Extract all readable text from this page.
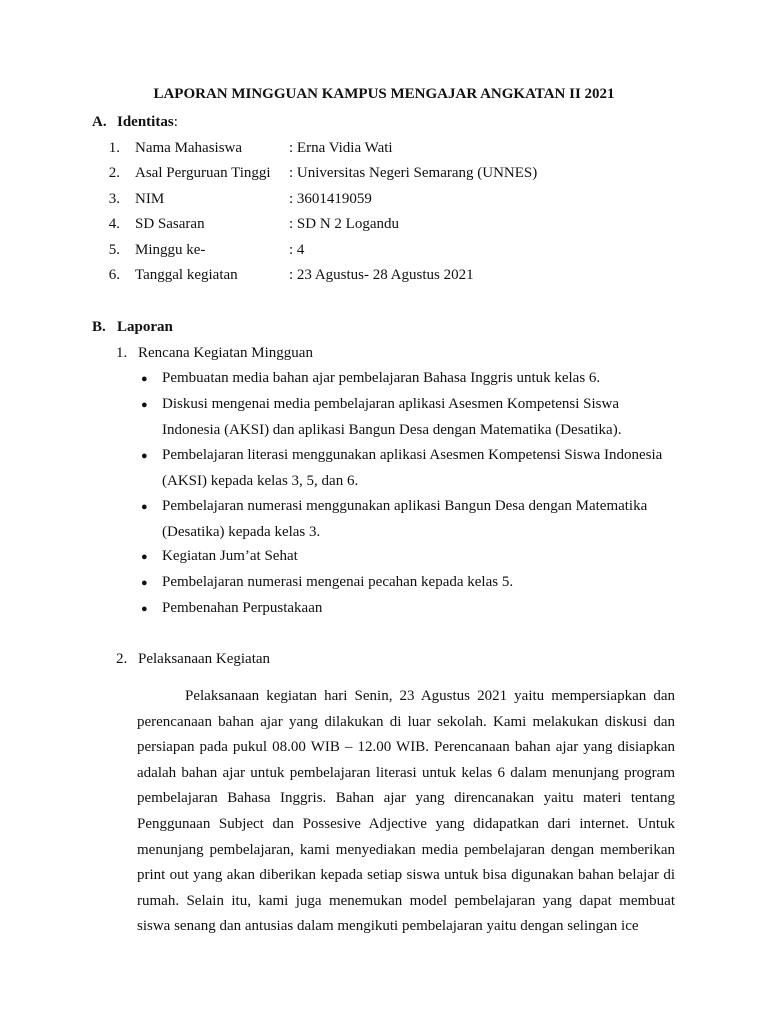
LAPORAN MINGGUAN KAMPUS MENGAJAR ANGKATAN II 2021
A. Identitas:
1. Nama Mahasiswa	: Erna Vidia Wati
2. Asal Perguruan Tinggi : Universitas Negeri Semarang (UNNES)
3. NIM	: 3601419059
4. SD Sasaran	: SD N 2 Logandu
5. Minggu ke-	: 4
6. Tanggal kegiatan	: 23 Agustus- 28 Agustus 2021
B. Laporan
1. Rencana Kegiatan Mingguan
● Pembuatan media bahan ajar pembelajaran Bahasa Inggris untuk kelas 6.
● Diskusi mengenai media pembelajaran aplikasi Asesmen Kompetensi Siswa Indonesia (AKSI) dan aplikasi Bangun Desa dengan Matematika (Desatika).
● Pembelajaran literasi menggunakan aplikasi Asesmen Kompetensi Siswa Indonesia (AKSI) kepada kelas 3, 5, dan 6.
● Pembelajaran numerasi menggunakan aplikasi Bangun Desa dengan Matematika (Desatika) kepada kelas 3.
● Kegiatan Jum’at Sehat
● Pembelajaran numerasi mengenai pecahan kepada kelas 5.
● Pembenahan Perpustakaan
2. Pelaksanaan Kegiatan
Pelaksanaan kegiatan hari Senin, 23 Agustus 2021 yaitu mempersiapkan dan perencanaan bahan ajar yang dilakukan di luar sekolah. Kami melakukan diskusi dan persiapan pada pukul 08.00 WIB – 12.00 WIB. Perencanaan bahan ajar yang disiapkan adalah bahan ajar untuk pembelajaran literasi untuk kelas 6 dalam menunjang program pembelajaran Bahasa Inggris. Bahan ajar yang direncanakan yaitu materi tentang Penggunaan Subject dan Possesive Adjective yang didapatkan dari internet. Untuk menunjang pembelajaran, kami menyediakan media pembelajaran dengan memberikan print out yang akan diberikan kepada setiap siswa untuk bisa digunakan bahan belajar di rumah. Selain itu, kami juga menemukan model pembelajaran yang dapat membuat siswa senang dan antusias dalam mengikuti pembelajaran yaitu dengan selingan ice
